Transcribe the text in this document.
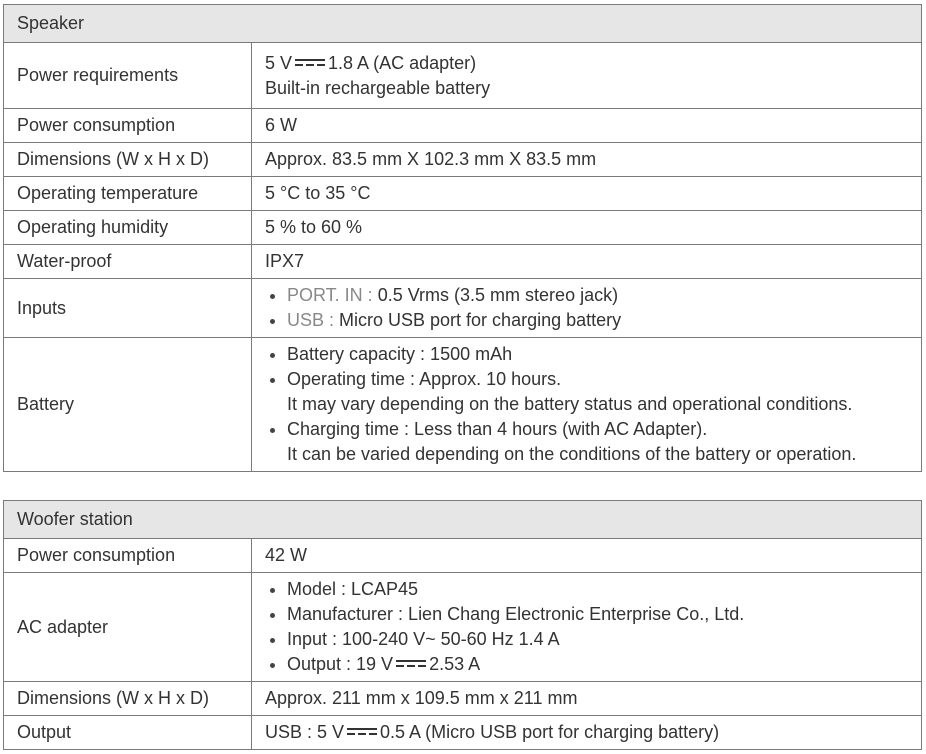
Speaker	
Power requirements	5 V 1.8 A (AC adapter)
Built-in rechargeable battery

Power consumption	6 W

Dimensions (W x H x D)	Approx. 83.5 mm X 102.3 mm X 83.5 mm

Operating temperature	5 °C to 35 °C

Operating humidity	5 % to 60 %

Water-proof	IPX7

Inputs	PORT. IN : 0.5 Vrms (3.5 mm stereo jack)
USB : Micro USB port for charging battery

Battery	Battery capacity : 1500 mAh
Operating time : Approx. 10 hours.
It may vary depending on the battery status and operational conditions.
Charging time : Less than 4 hours (with AC Adapter).
It can be varied depending on the conditions of the battery or operation.
Woofer station	
Power consumption	42 W

AC adapter	Model : LCAP45
Manufacturer : Lien Chang Electronic Enterprise Co., Ltd.
Input : 100-240 V~ 50-60 Hz 1.4 A
Output : 19 V 2.53 A

Dimensions (W x H x D)	Approx. 211 mm x 109.5 mm x 211 mm

Output	USB : 5 V 0.5 A (Micro USB port for charging battery)
